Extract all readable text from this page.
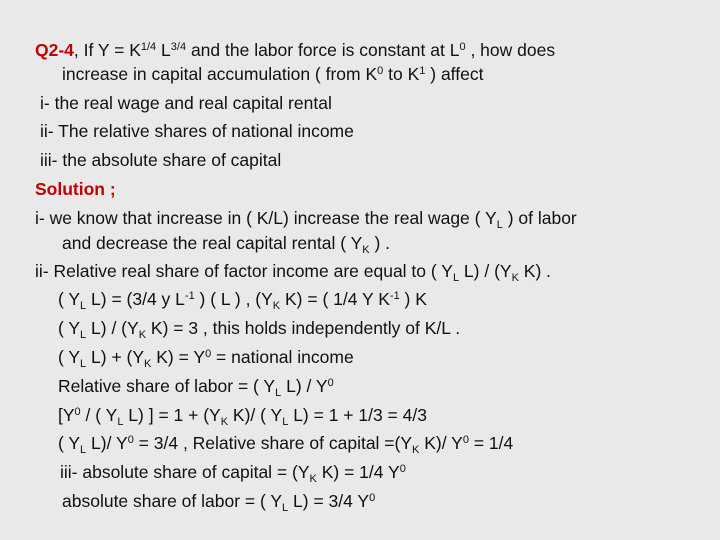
Q2-4, If $Y = K^{1/4}$ $L^{3/4}$ and the labor force is constant at $L^0$ , how does
increase in capital accumulation ( from $K^0$ to $K^1$ ) affect
i- the real wage and real capital rental
ii- The relative shares of national income
iii- the absolute share of capital
Solution ;
i- we know that increase in ( K/L) increase the real wage ( $Y_L$ ) of labor
and decrease the real capital rental ( $Y_K$ ) .
ii- Relative real share of factor income are equal to ( $Y_L$ $L) / (Y_K$ K) .
( $Y_L$ L) = (3/4 y $L^{-1}$ ) ( L ) , ($Y_K$ K) = ( 1/4 Y $K^{-1}$ ) K
( $Y_L$ $L) / (Y_K$ K) = 3 , this holds independently of K/L .
( $Y_L$ $L) + (Y_K$ $K) = Y^0$ = national income
Relative share of labor = ( $Y_L$ $L) / Y^0$
[$Y^0$ / ( $Y_L$ L) ] = $1 + (Y_K$ K)/ ( $Y_L$ L) = 1 + 1/3 = 4/3
( $Y_L$ L)/ $Y^0 = 3/4$ , Relative share of capital $=(Y_K$ K)/ $Y^0 = 1/4$
iii- absolute share of capital = ($Y_K$ K) = 1/4 $Y^0$
absolute share of labor = ( $Y_L$ L) = 3/4 $Y^0$
